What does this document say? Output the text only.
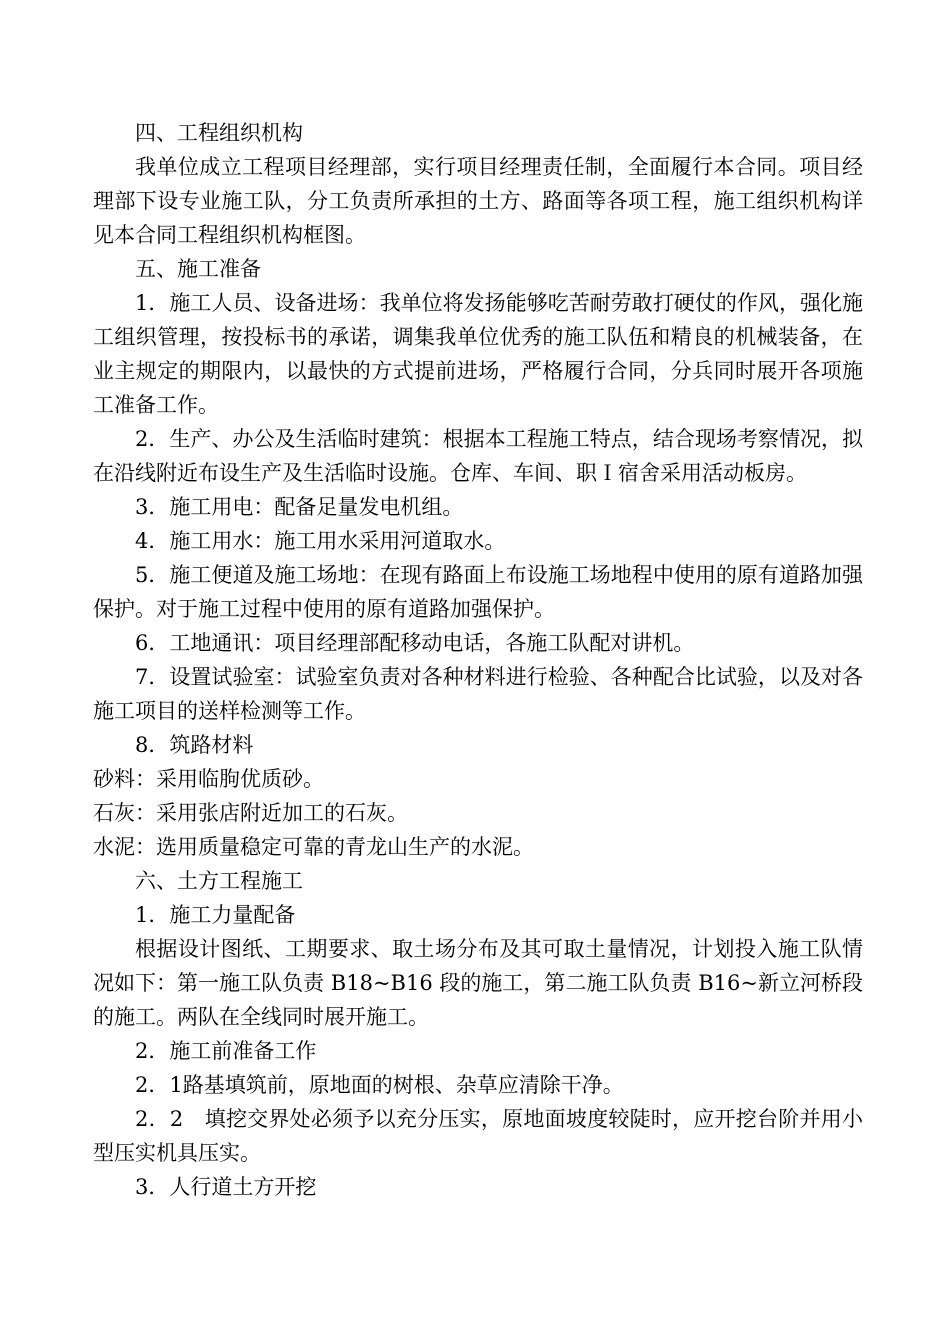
四、工程组织机构

我单位成立工程项目经理部，实行项目经理责任制，全面履行本合同。项目经理部下设专业施工队，分工负责所承担的土方、路面等各项工程，施工组织机构详见本合同工程组织机构框图。

五、施工准备

1．施工人员、设备进场：我单位将发扬能够吃苦耐劳敢打硬仗的作风，强化施工组织管理，按投标书的承诺，调集我单位优秀的施工队伍和精良的机械装备，在业主规定的期限内，以最快的方式提前进场，严格履行合同，分兵同时展开各项施工准备工作。

2．生产、办公及生活临时建筑：根据本工程施工特点，结合现场考察情况，拟在沿线附近布设生产及生活临时设施。仓库、车间、职Ｉ宿舍采用活动板房。

3．施工用电：配备足量发电机组。

4．施工用水：施工用水采用河道取水。

5．施工便道及施工场地：在现有路面上布设施工场地程中使用的原有道路加强保护。对于施工过程中使用的原有道路加强保护。

6．工地通讯：项目经理部配移动电话，各施工队配对讲机。

7．设置试验室：试验室负责对各种材料进行检验、各种配合比试验，以及对各施工项目的送样检测等工作。

8．筑路材料

砂料：采用临朐优质砂。

石灰：采用张店附近加工的石灰。

水泥：选用质量稳定可靠的青龙山生产的水泥。

六、土方工程施工

1．施工力量配备

根据设计图纸、工期要求、取土场分布及其可取土量情况，计划投入施工队情况如下：第一施工队负责 B18~B16 段的施工，第二施工队负责 B16~新立河桥段的施工。两队在全线同时展开施工。

2．施工前准备工作

2．1路基填筑前，原地面的树根、杂草应清除干净。

2．2　填挖交界处必须予以充分压实，原地面坡度较陡时，应开挖台阶并用小型压实机具压实。

3．人行道土方开挖
